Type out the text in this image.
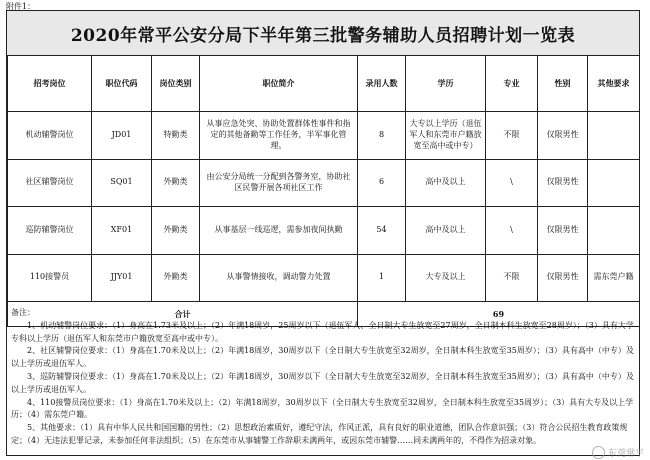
附件1：
2020年常平公安分局下半年第三批警务辅助人员招聘计划一览表
招考岗位	职位代码	岗位类别	职位简介	录用人数	学历	专业	性别	其他要求
机动辅警岗位	JD01	特勤类	从事应急处突、协助处置群体性事件和指定的其他备勤等工作任务，半军事化管理。	8	大专以上学历（退伍军人和东莞市户籍放宽至高中或中专）	不限	仅限男性	
社区辅警岗位	SQ01	外勤类	由公安分局统一分配到各警务室，协助社区民警开展各项社区工作	6	高中及以上	\	仅限男性	
巡防辅警岗位	XF01	外勤类	从事基层一线巡逻，需参加夜间执勤	54	高中及以上	\	仅限男性	
110接警员	JJY01	外勤类	从事警情接收，调动警力处置	1	大专及以上	不限	仅限男性	需东莞户籍
合计				69				

备注：

　　1、机动辅警岗位要求：（1）身高在1.73米及以上；（2）年满18周岁，25周岁以下（退伍军人、全日制大专生放宽至27周岁，全日制本科生放宽至28周岁）；（3）具有大学专科以上学历（退伍军人和东莞市户籍放宽至高中或中专）。

　　2、社区辅警岗位要求：（1）身高在1.70米及以上；（2）年满18周岁，30周岁以下（全日制大专生放宽至32周岁，全日制本科生放宽至35周岁）；（3）具有高中（中专）及以上学历或退伍军人。

　　3、巡防辅警岗位要求：（1）身高在1.70米及以上；（2）年满18周岁，30周岁以下（全日制大专生放宽至32周岁，全日制本科生放宽至35周岁）；（3）具有高中（中专）及以上学历或退伍军人。

　　4、110接警员岗位要求：（1）身高在1.70米及以上；（2）年满18周岁，30周岁以下（全日制大专生放宽至32周岁，全日制本科生放宽至35周岁）；（3）具有大专及以上学历；（4）需东莞户籍。

　　5、其他要求：（1）具有中华人民共和国国籍的男性；（2）思想政治素质好，遵纪守法，作风正派，具有良好的职业道德，团队合作意识强；（3）符合公民招生教育政策规定；（4）无违法犯罪记录，未参加任何非法组织；（5）在东莞市从事辅警工作辞职未满两年，或因东莞市辅警……同未满两年的，不得作为招录对象。

东莞常平
